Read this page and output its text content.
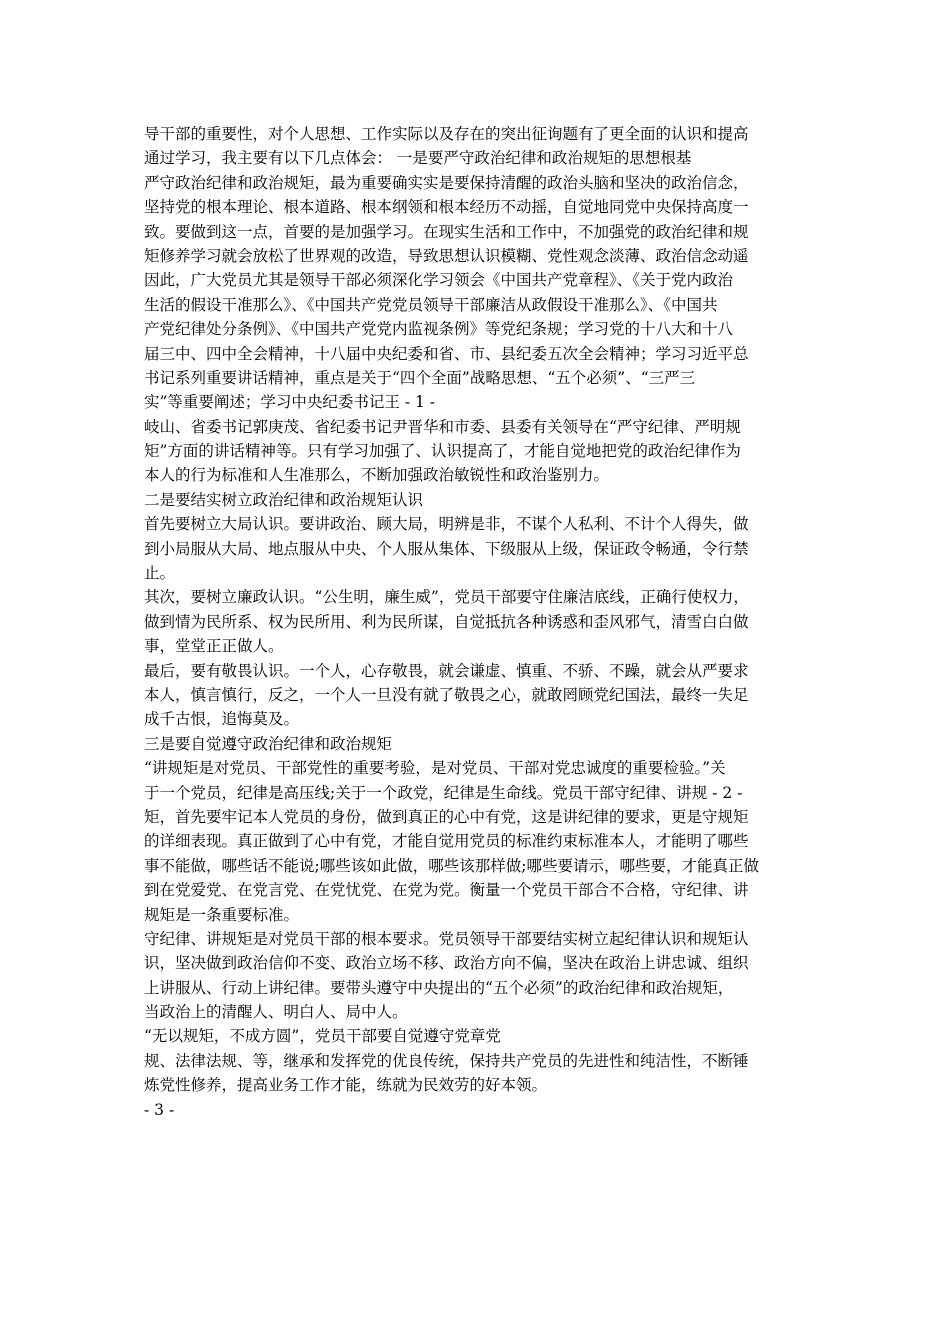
导干部的重要性，对个人思想、工作实际以及存在的突出征询题有了更全面的认识和提高
通过学习，我主要有以下几点体会： 一是要严守政治纪律和政治规矩的思想根基
严守政治纪律和政治规矩，最为重要确实实是要保持清醒的政治头脑和坚决的政治信念，
坚持党的根本理论、根本道路、根本纲领和根本经历不动摇，自觉地同党中央保持高度一
致。要做到这一点，首要的是加强学习。在现实生活和工作中，不加强党的政治纪律和规
矩修养学习就会放松了世界观的改造，导致思想认识模糊、党性观念淡薄、政治信念动遥
因此，广大党员尤其是领导干部必须深化学习领会《中国共产党章程》、《关于党内政治
生活的假设干准那么》、《中国共产党党员领导干部廉洁从政假设干准那么》、《中国共
产党纪律处分条例》、《中国共产党党内监视条例》等党纪条规；学习党的十八大和十八
届三中、四中全会精神，十八届中央纪委和省、市、县纪委五次全会精神；学习习近平总
书记系列重要讲话精神，重点是关于“四个全面”战略思想、“五个必须”、“三严三
实”等重要阐述；学习中央纪委书记王 - 1 -
岐山、省委书记郭庚茂、省纪委书记尹晋华和市委、县委有关领导在“严守纪律、严明规
矩”方面的讲话精神等。只有学习加强了、认识提高了，才能自觉地把党的政治纪律作为
本人的行为标准和人生准那么，不断加强政治敏锐性和政治鉴别力。
二是要结实树立政治纪律和政治规矩认识
首先要树立大局认识。要讲政治、顾大局，明辨是非，不谋个人私利、不计个人得失，做
到小局服从大局、地点服从中央、个人服从集体、下级服从上级，保证政令畅通，令行禁
止。
其次，要树立廉政认识。“公生明，廉生威”，党员干部要守住廉洁底线，正确行使权力，
做到情为民所系、权为民所用、利为民所谋，自觉抵抗各种诱惑和歪风邪气，清雪白白做
事，堂堂正正做人。
最后，要有敬畏认识。一个人，心存敬畏，就会谦虚、慎重、不骄、不躁，就会从严要求
本人，慎言慎行，反之，一个人一旦没有就了敬畏之心，就敢罔顾党纪国法，最终一失足
成千古恨，追悔莫及。
三是要自觉遵守政治纪律和政治规矩
“讲规矩是对党员、干部党性的重要考验，是对党员、干部对党忠诚度的重要检验。”关
于一个党员，纪律是高压线;关于一个政党，纪律是生命线。党员干部守纪律、讲规 - 2 -
矩，首先要牢记本人党员的身份，做到真正的心中有党，这是讲纪律的要求，更是守规矩
的详细表现。真正做到了心中有党，才能自觉用党员的标准约束标准本人，才能明了哪些
事不能做，哪些话不能说;哪些该如此做，哪些该那样做;哪些要请示，哪些要，才能真正做
到在党爱党、在党言党、在党忧党、在党为党。衡量一个党员干部合不合格，守纪律、讲
规矩是一条重要标准。
守纪律、讲规矩是对党员干部的根本要求。党员领导干部要结实树立起纪律认识和规矩认
识，坚决做到政治信仰不变、政治立场不移、政治方向不偏，坚决在政治上讲忠诚、组织
上讲服从、行动上讲纪律。要带头遵守中央提出的“五个必须”的政治纪律和政治规矩，
当政治上的清醒人、明白人、局中人。
“无以规矩，不成方圆”，党员干部要自觉遵守党章党
规、法律法规、等，继承和发挥党的优良传统，保持共产党员的先进性和纯洁性，不断锤
炼党性修养，提高业务工作才能，练就为民效劳的好本领。
- 3 -
